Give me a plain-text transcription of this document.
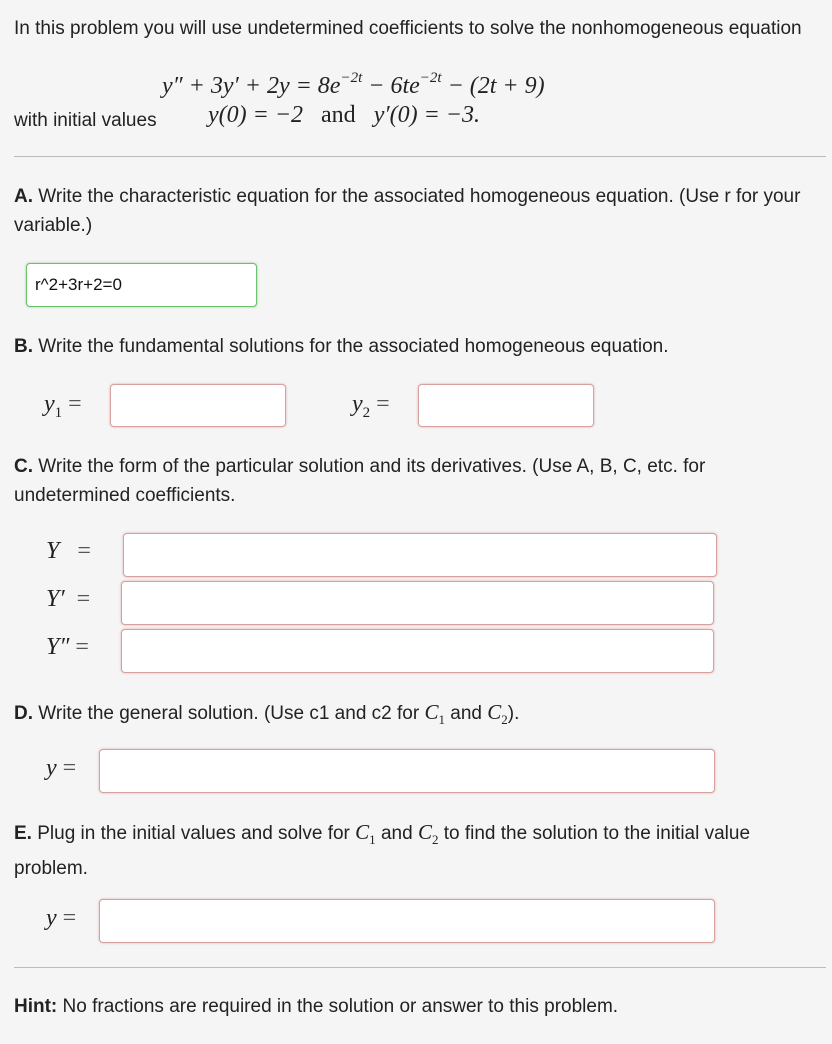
In this problem you will use undetermined coefficients to solve the nonhomogeneous equation
$y'' + 3y' + 2y = 8e^{-2t} - 6te^{-2t} - (2t + 9)$
with initial values y(0) = −2 and y′(0) = −3.
A. Write the characteristic equation for the associated homogeneous equation. (Use r for your variable.)
r^2+3r+2=0
B. Write the fundamental solutions for the associated homogeneous equation.
$y_1$ =	$y_2$ =
C. Write the form of the particular solution and its derivatives. (Use A, B, C, etc. for undetermined coefficients.
Y =
Y′ =
Y″ =
D. Write the general solution. (Use c1 and c2 for $C_1$ and $C_2$).
y =
E. Plug in the initial values and solve for $C_1$ and $C_2$ to find the solution to the initial value problem.
y =
Hint: No fractions are required in the solution or answer to this problem.
